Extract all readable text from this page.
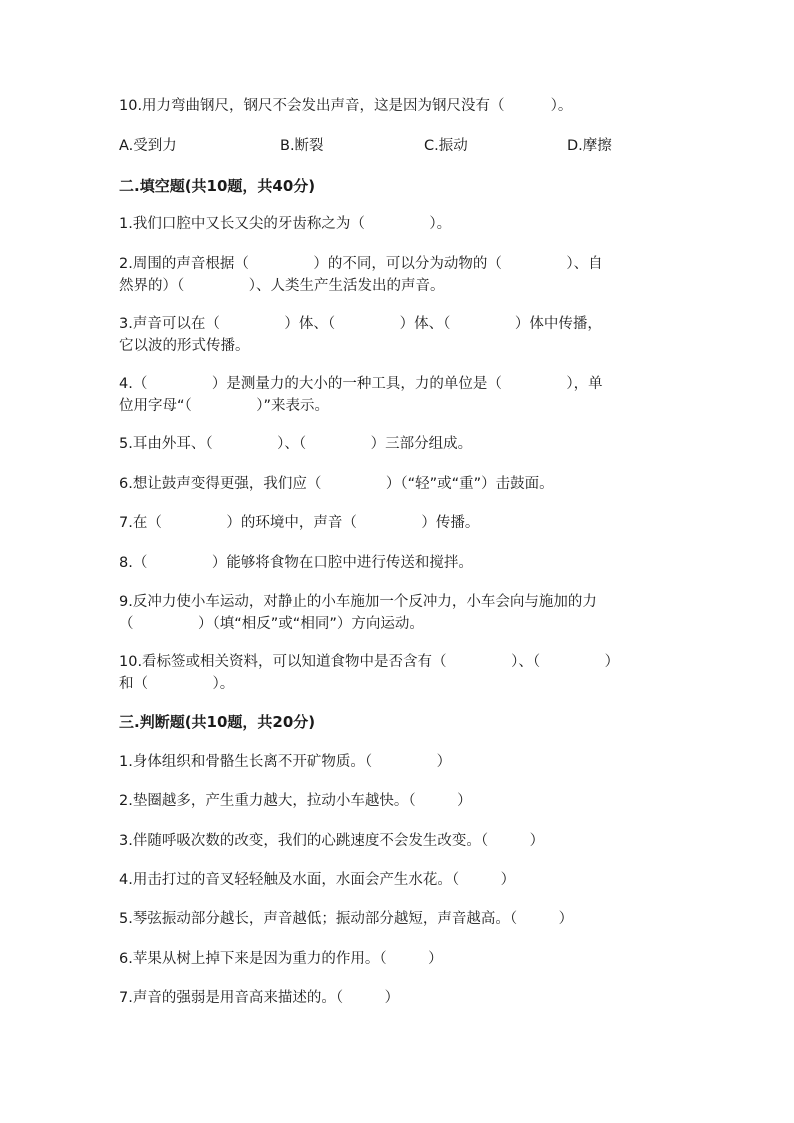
10.用力弯曲钢尺，钢尺不会发出声音，这是因为钢尺没有（          ）。
A.受到力	B.断裂	C.振动	D.摩擦
二.填空题(共10题，共40分)
1.我们口腔中又长又尖的牙齿称之为（              ）。
2.周围的声音根据（              ）的不同，可以分为动物的（              ）、自
然界的）（              ）、人类生产生活发出的声音。
3.声音可以在（              ）体、（              ）体、（              ）体中传播，
它以波的形式传播。
4.（              ）是测量力的大小的一种工具，力的单位是（              ），单
位用字母“（              ）”来表示。
5.耳由外耳、（              ）、（              ）三部分组成。
6.想让鼓声变得更强，我们应（              ）（“轻”或“重”）击鼓面。
7.在（              ）的环境中，声音（              ）传播。
8.（              ）能够将食物在口腔中进行传送和搅拌。
9.反冲力使小车运动，对静止的小车施加一个反冲力，小车会向与施加的力
（              ）（填“相反”或“相同”）方向运动。
10.看标签或相关资料，可以知道食物中是否含有（              ）、（              ）
和（              ）。
三.判断题(共10题，共20分)
1.身体组织和骨骼生长离不开矿物质。（              ）
2.垫圈越多，产生重力越大，拉动小车越快。（         ）
3.伴随呼吸次数的改变，我们的心跳速度不会发生改变。（         ）
4.用击打过的音叉轻轻触及水面，水面会产生水花。（         ）
5.琴弦振动部分越长，声音越低；振动部分越短，声音越高。（         ）
6.苹果从树上掉下来是因为重力的作用。（         ）
7.声音的强弱是用音高来描述的。（         ）
